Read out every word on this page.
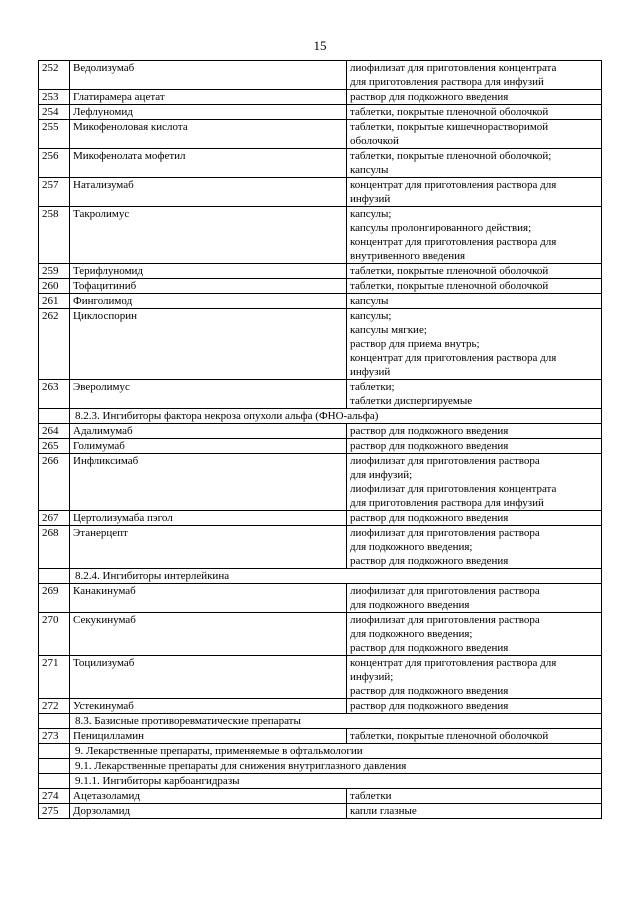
15
252	Ведолизумаб	лиофилизат для приготовления концентрата
для приготовления раствора для инфузий

253	Глатирамера ацетат	раствор для подкожного введения

254	Лефлуномид	таблетки, покрытые пленочной оболочкой

255	Микофеноловая кислота	таблетки, покрытые кишечнорастворимой
оболочкой

256	Микофенолата мофетил	таблетки, покрытые пленочной оболочкой;
капсулы

257	Натализумаб	концентрат для приготовления раствора для
инфузий

258	Такролимус	капсулы;
капсулы пролонгированного действия;
концентрат для приготовления раствора для
внутривенного введения

259	Терифлуномид	таблетки, покрытые пленочной оболочкой

260	Тофацитиниб	таблетки, покрытые пленочной оболочкой

261	Финголимод	капсулы

262	Циклоспорин	капсулы;
капсулы мягкие;
раствор для приема внутрь;
концентрат для приготовления раствора для
инфузий

263	Эверолимус	таблетки;
таблетки диспергируемые

	8.2.3. Ингибиторы фактора некроза опухоли альфа (ФНО-альфа)	
264	Адалимумаб	раствор для подкожного введения

265	Голимумаб	раствор для подкожного введения

266	Инфликсимаб	лиофилизат для приготовления раствора
для инфузий;
лиофилизат для приготовления концентрата
для приготовления раствора для инфузий

267	Цертолизумаба пэгол	раствор для подкожного введения

268	Этанерцепт	лиофилизат для приготовления раствора
для подкожного введения;
раствор для подкожного введения

	8.2.4. Ингибиторы интерлейкина	
269	Канакинумаб	лиофилизат для приготовления раствора
для подкожного введения

270	Секукинумаб	лиофилизат для приготовления раствора
для подкожного введения;
раствор для подкожного введения

271	Тоцилизумаб	концентрат для приготовления раствора для
инфузий;
раствор для подкожного введения

272	Устекинумаб	раствор для подкожного введения

	8.3. Базисные противоревматические препараты	
273	Пеницилламин	таблетки, покрытые пленочной оболочкой

	9. Лекарственные препараты, применяемые в офтальмологии	
	9.1. Лекарственные препараты для снижения внутриглазного давления	
	9.1.1. Ингибиторы карбоангидразы	
274	Ацетазоламид	таблетки

275	Дорзоламид	капли глазные
